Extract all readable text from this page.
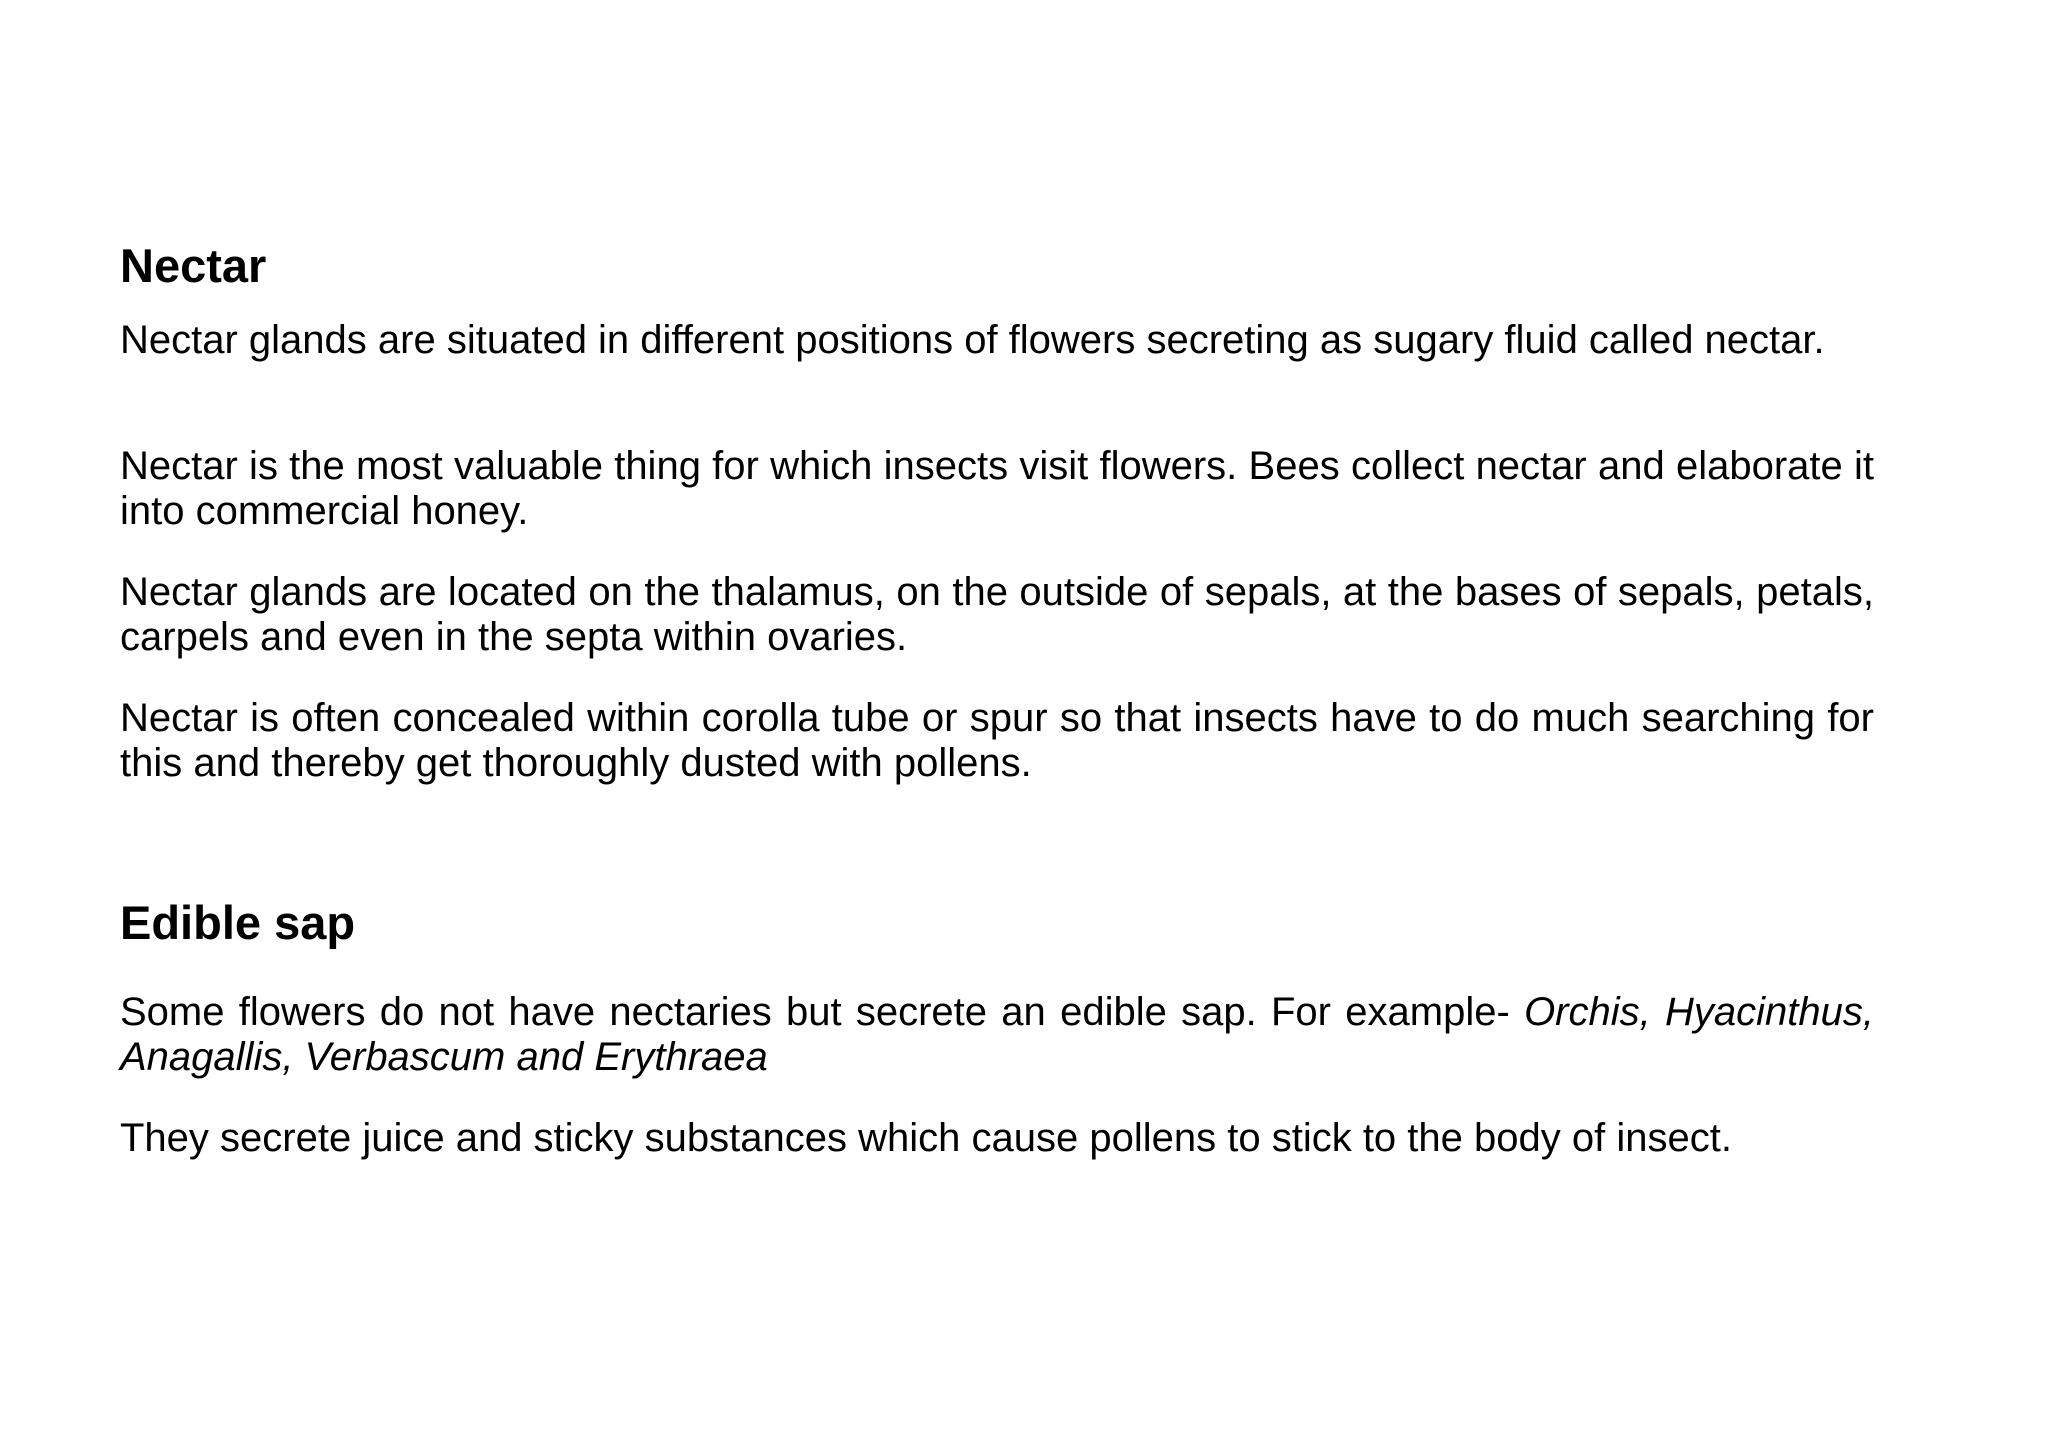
Nectar

Nectar glands are situated in different positions of flowers secreting as sugary fluid called nectar.

Nectar is the most valuable thing for which insects visit flowers. Bees collect nectar and elaborate it into commercial honey.

Nectar glands are located on the thalamus, on the outside of sepals, at the bases of sepals, petals, carpels and even in the septa within ovaries.

Nectar is often concealed within corolla tube or spur so that insects have to do much searching for this and thereby get thoroughly dusted with pollens.

Edible sap

Some flowers do not have nectaries but secrete an edible sap. For example- Orchis, Hyacinthus, Anagallis, Verbascum and Erythraea

They secrete juice and sticky substances which cause pollens to stick to the body of insect.
